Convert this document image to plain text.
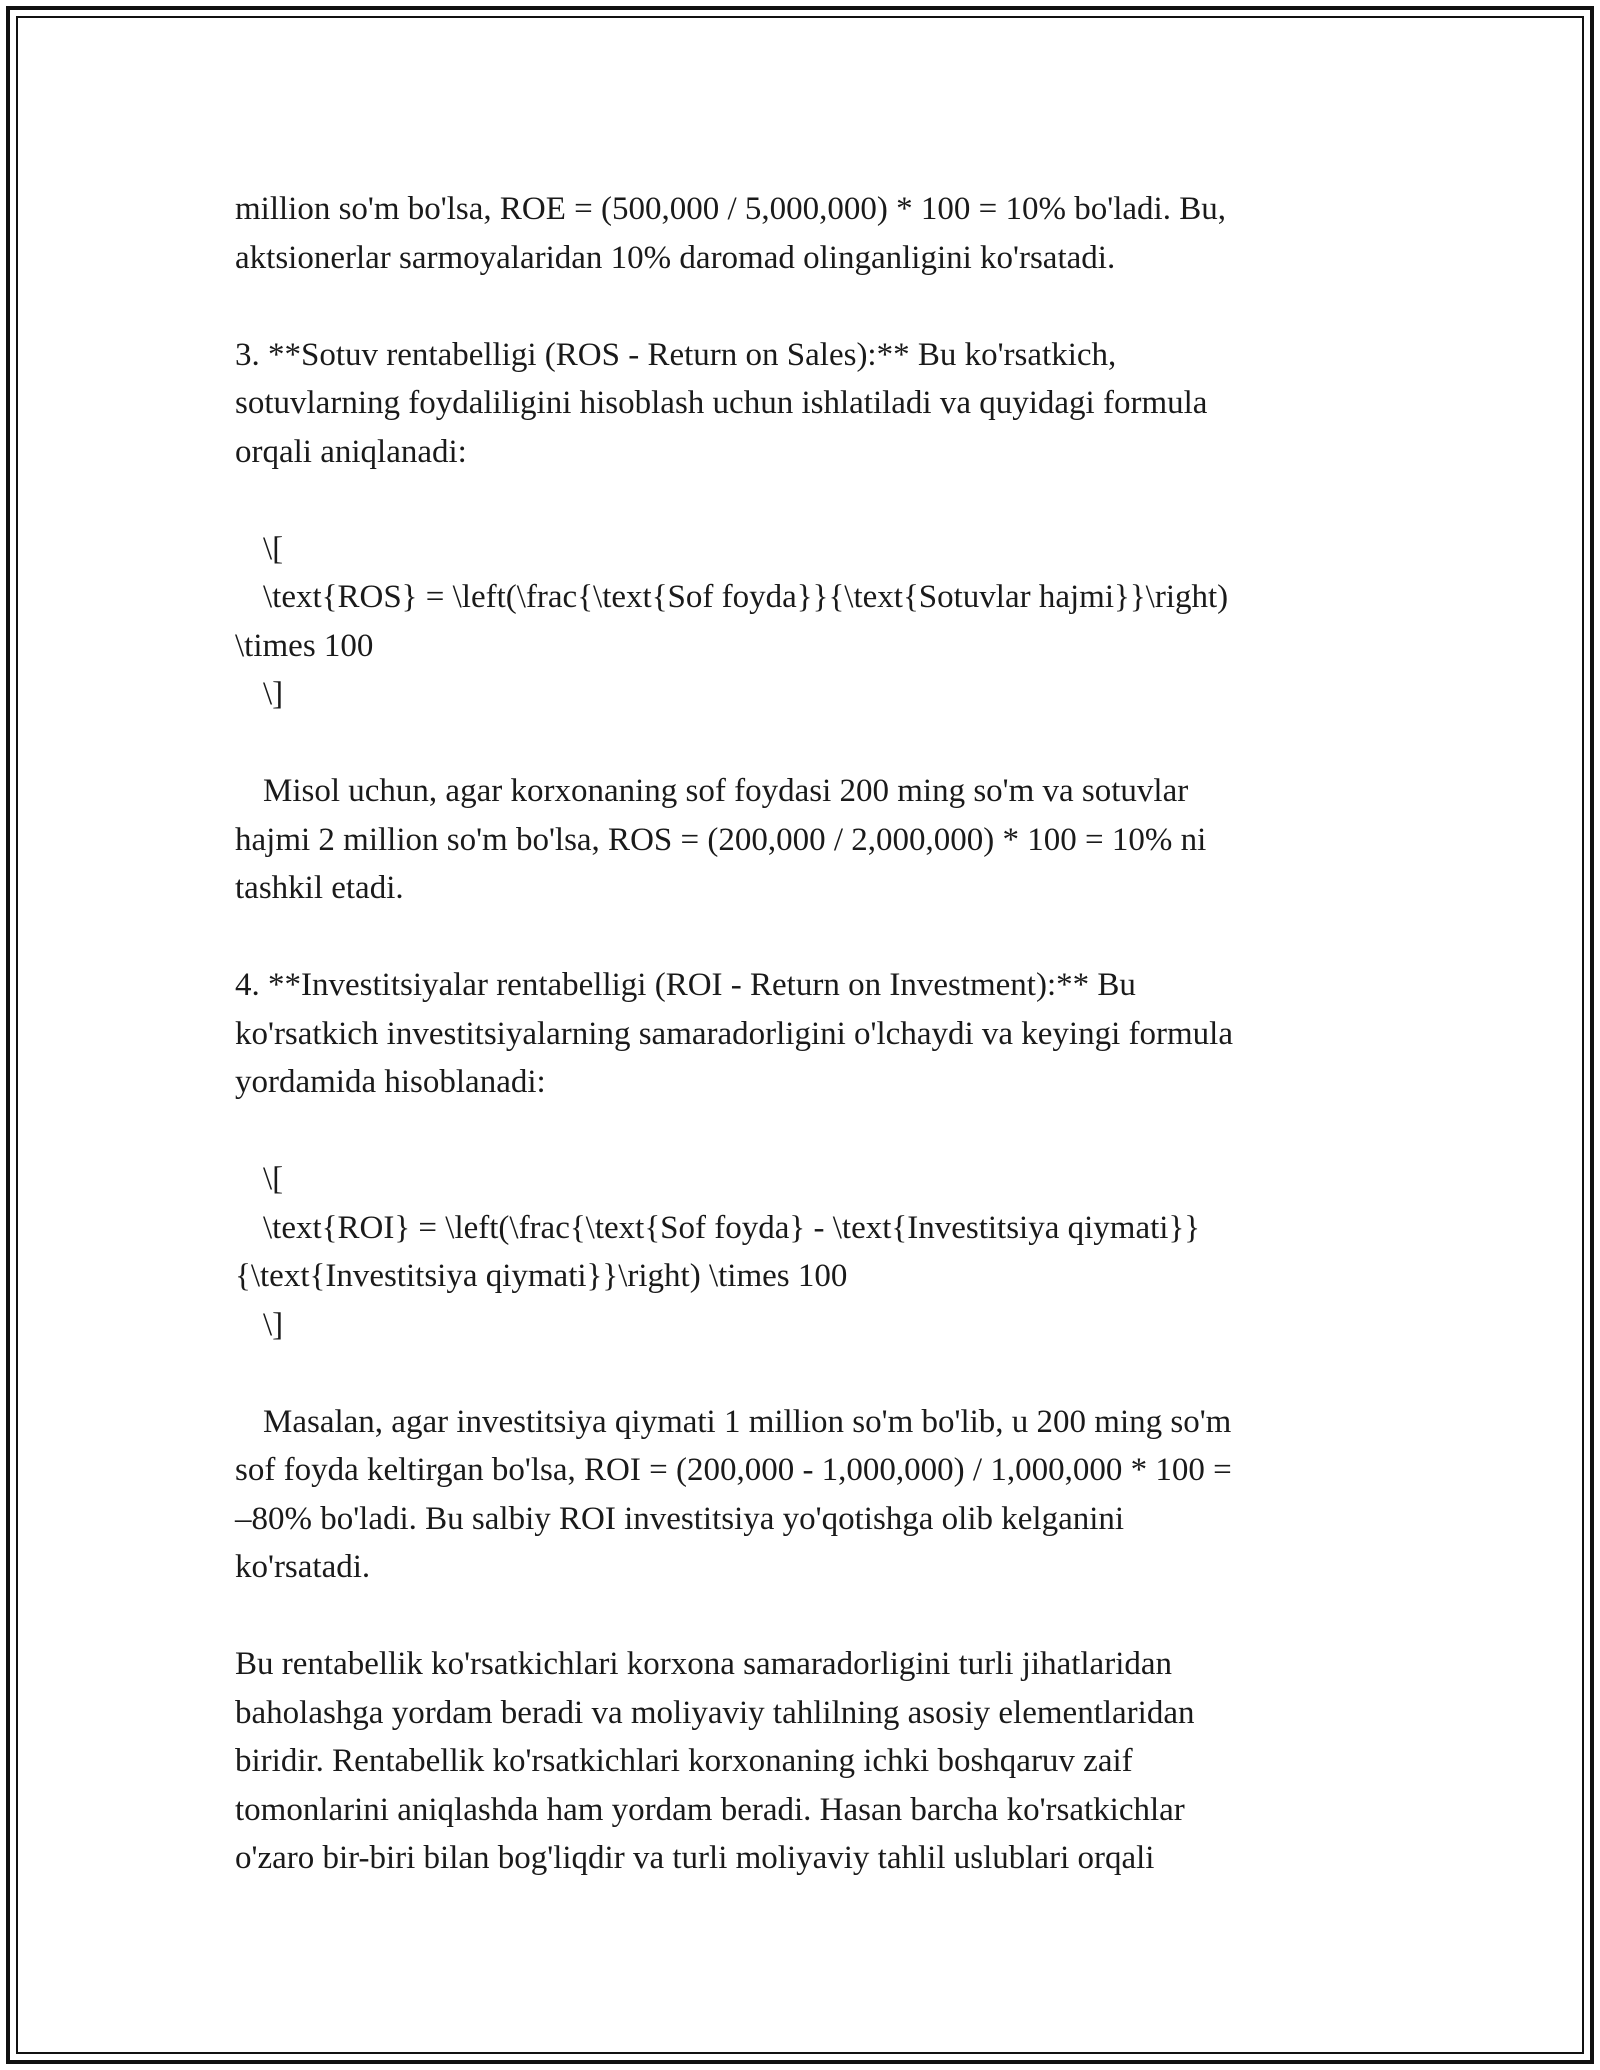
million so'm bo'lsa, ROE = (500,000 / 5,000,000) * 100 = 10% bo'ladi. Bu,
aktsionerlar sarmoyalaridan 10% daromad olinganligini ko'rsatadi.
3. **Sotuv rentabelligi (ROS - Return on Sales):** Bu ko'rsatkich,
sotuvlarning foydaliligini hisoblash uchun ishlatiladi va quyidagi formula
orqali aniqlanadi:
\[
\text{ROS} = \left(\frac{\text{Sof foyda}}{\text{Sotuvlar hajmi}}\right)
\times 100
\]
Misol uchun, agar korxonaning sof foydasi 200 ming so'm va sotuvlar
hajmi 2 million so'm bo'lsa, ROS = (200,000 / 2,000,000) * 100 = 10% ni
tashkil etadi.
4. **Investitsiyalar rentabelligi (ROI - Return on Investment):** Bu
ko'rsatkich investitsiyalarning samaradorligini o'lchaydi va keyingi formula
yordamida hisoblanadi:
\[
\text{ROI} = \left(\frac{\text{Sof foyda} - \text{Investitsiya qiymati}}
{\text{Investitsiya qiymati}}\right) \times 100
\]
Masalan, agar investitsiya qiymati 1 million so'm bo'lib, u 200 ming so'm
sof foyda keltirgan bo'lsa, ROI = (200,000 - 1,000,000) / 1,000,000 * 100 =
–80% bo'ladi. Bu salbiy ROI investitsiya yo'qotishga olib kelganini
ko'rsatadi.
Bu rentabellik ko'rsatkichlari korxona samaradorligini turli jihatlaridan
baholashga yordam beradi va moliyaviy tahlilning asosiy elementlaridan
biridir. Rentabellik ko'rsatkichlari korxonaning ichki boshqaruv zaif
tomonlarini aniqlashda ham yordam beradi. Hasan barcha ko'rsatkichlar
o'zaro bir-biri bilan bog'liqdir va turli moliyaviy tahlil uslublari orqali
